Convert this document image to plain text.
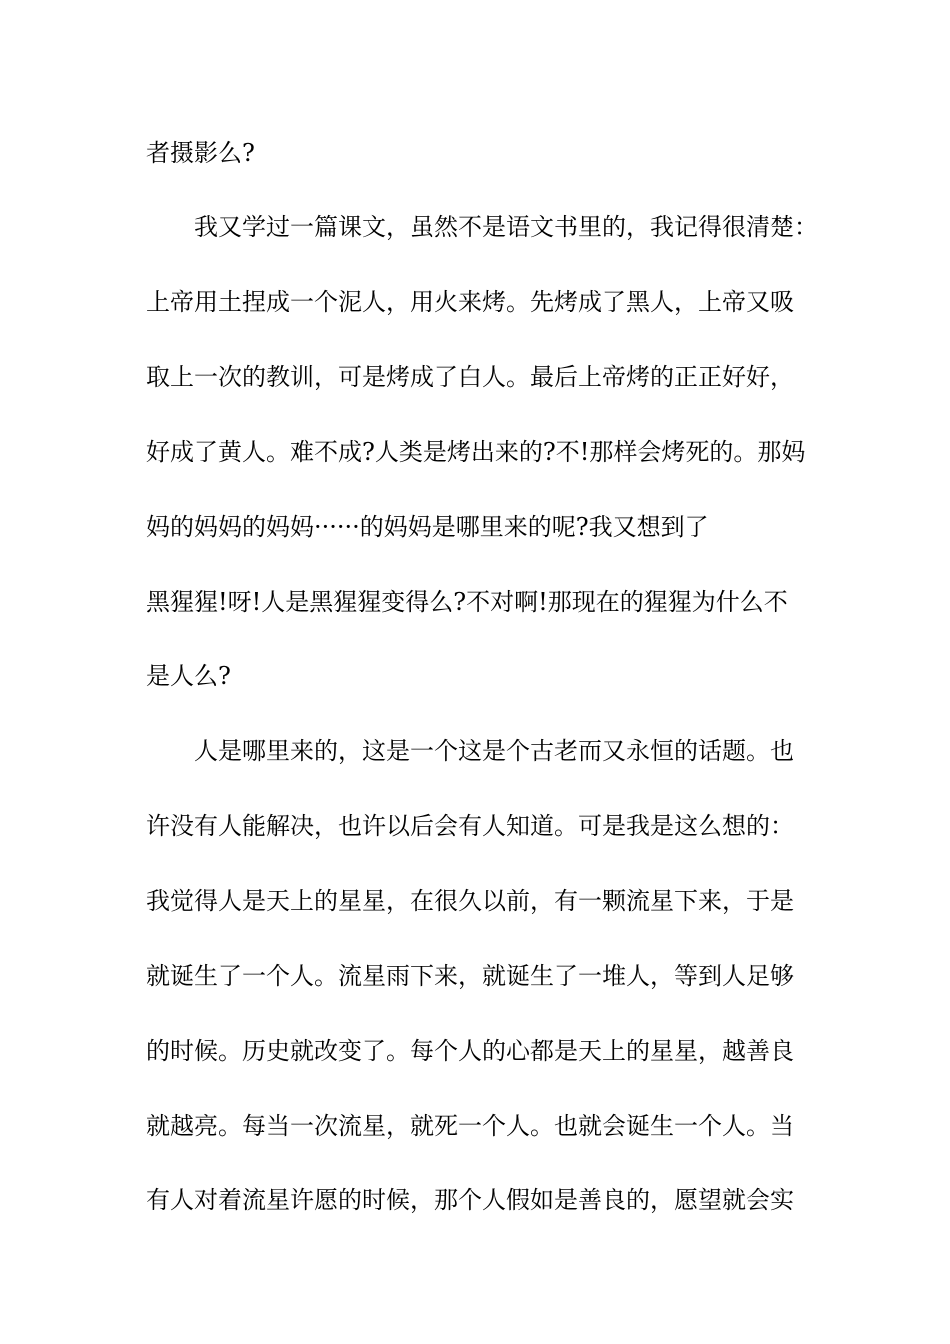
者摄影么?
我又学过一篇课文，虽然不是语文书里的，我记得很清楚：
上帝用土捏成一个泥人，用火来烤。先烤成了黑人，上帝又吸
取上一次的教训，可是烤成了白人。最后上帝烤的正正好好，
好成了黄人。难不成?人类是烤出来的?不!那样会烤死的。那妈
妈的妈妈的妈妈······的妈妈是哪里来的呢?我又想到了
黑猩猩!呀!人是黑猩猩变得么?不对啊!那现在的猩猩为什么不
是人么?
人是哪里来的，这是一个这是个古老而又永恒的话题。也
许没有人能解决，也许以后会有人知道。可是我是这么想的：
我觉得人是天上的星星，在很久以前，有一颗流星下来，于是
就诞生了一个人。流星雨下来，就诞生了一堆人，等到人足够
的时候。历史就改变了。每个人的心都是天上的星星，越善良
就越亮。每当一次流星，就死一个人。也就会诞生一个人。当
有人对着流星许愿的时候，那个人假如是善良的，愿望就会实
